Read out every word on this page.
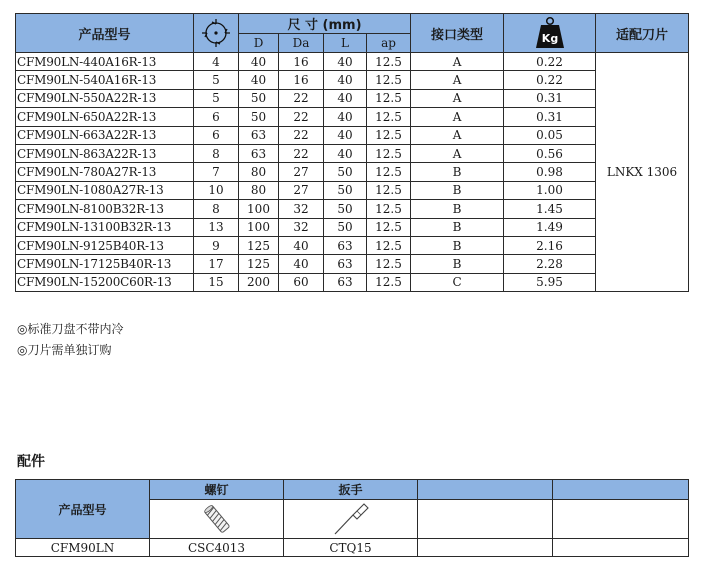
产品型号		尺 寸 (mm)				接口类型	Kg	适配刀片
		D	Da	L	ap			
CFM90LN-440A16R-13	4	40	16	40	12.5	A	0.22	LNKX 1306
CFM90LN-540A16R-13	5	40	16	40	12.5	A	0.22	
CFM90LN-550A22R-13	5	50	22	40	12.5	A	0.31	
CFM90LN-650A22R-13	6	50	22	40	12.5	A	0.31	
CFM90LN-663A22R-13	6	63	22	40	12.5	A	0.05	
CFM90LN-863A22R-13	8	63	22	40	12.5	A	0.56	
CFM90LN-780A27R-13	7	80	27	50	12.5	B	0.98	
CFM90LN-1080A27R-13	10	80	27	50	12.5	B	1.00	
CFM90LN-8100B32R-13	8	100	32	50	12.5	B	1.45	
CFM90LN-13100B32R-13	13	100	32	50	12.5	B	1.49	
CFM90LN-9125B40R-13	9	125	40	63	12.5	B	2.16	
CFM90LN-17125B40R-13	17	125	40	63	12.5	B	2.28	
CFM90LN-15200C60R-13	15	200	60	63	12.5	C	5.95	
◎标准刀盘不带内冷
◎刀片需单独订购
配件
产品型号	螺钉	扳手		

CFM90LN	CSC4013	CTQ15		
